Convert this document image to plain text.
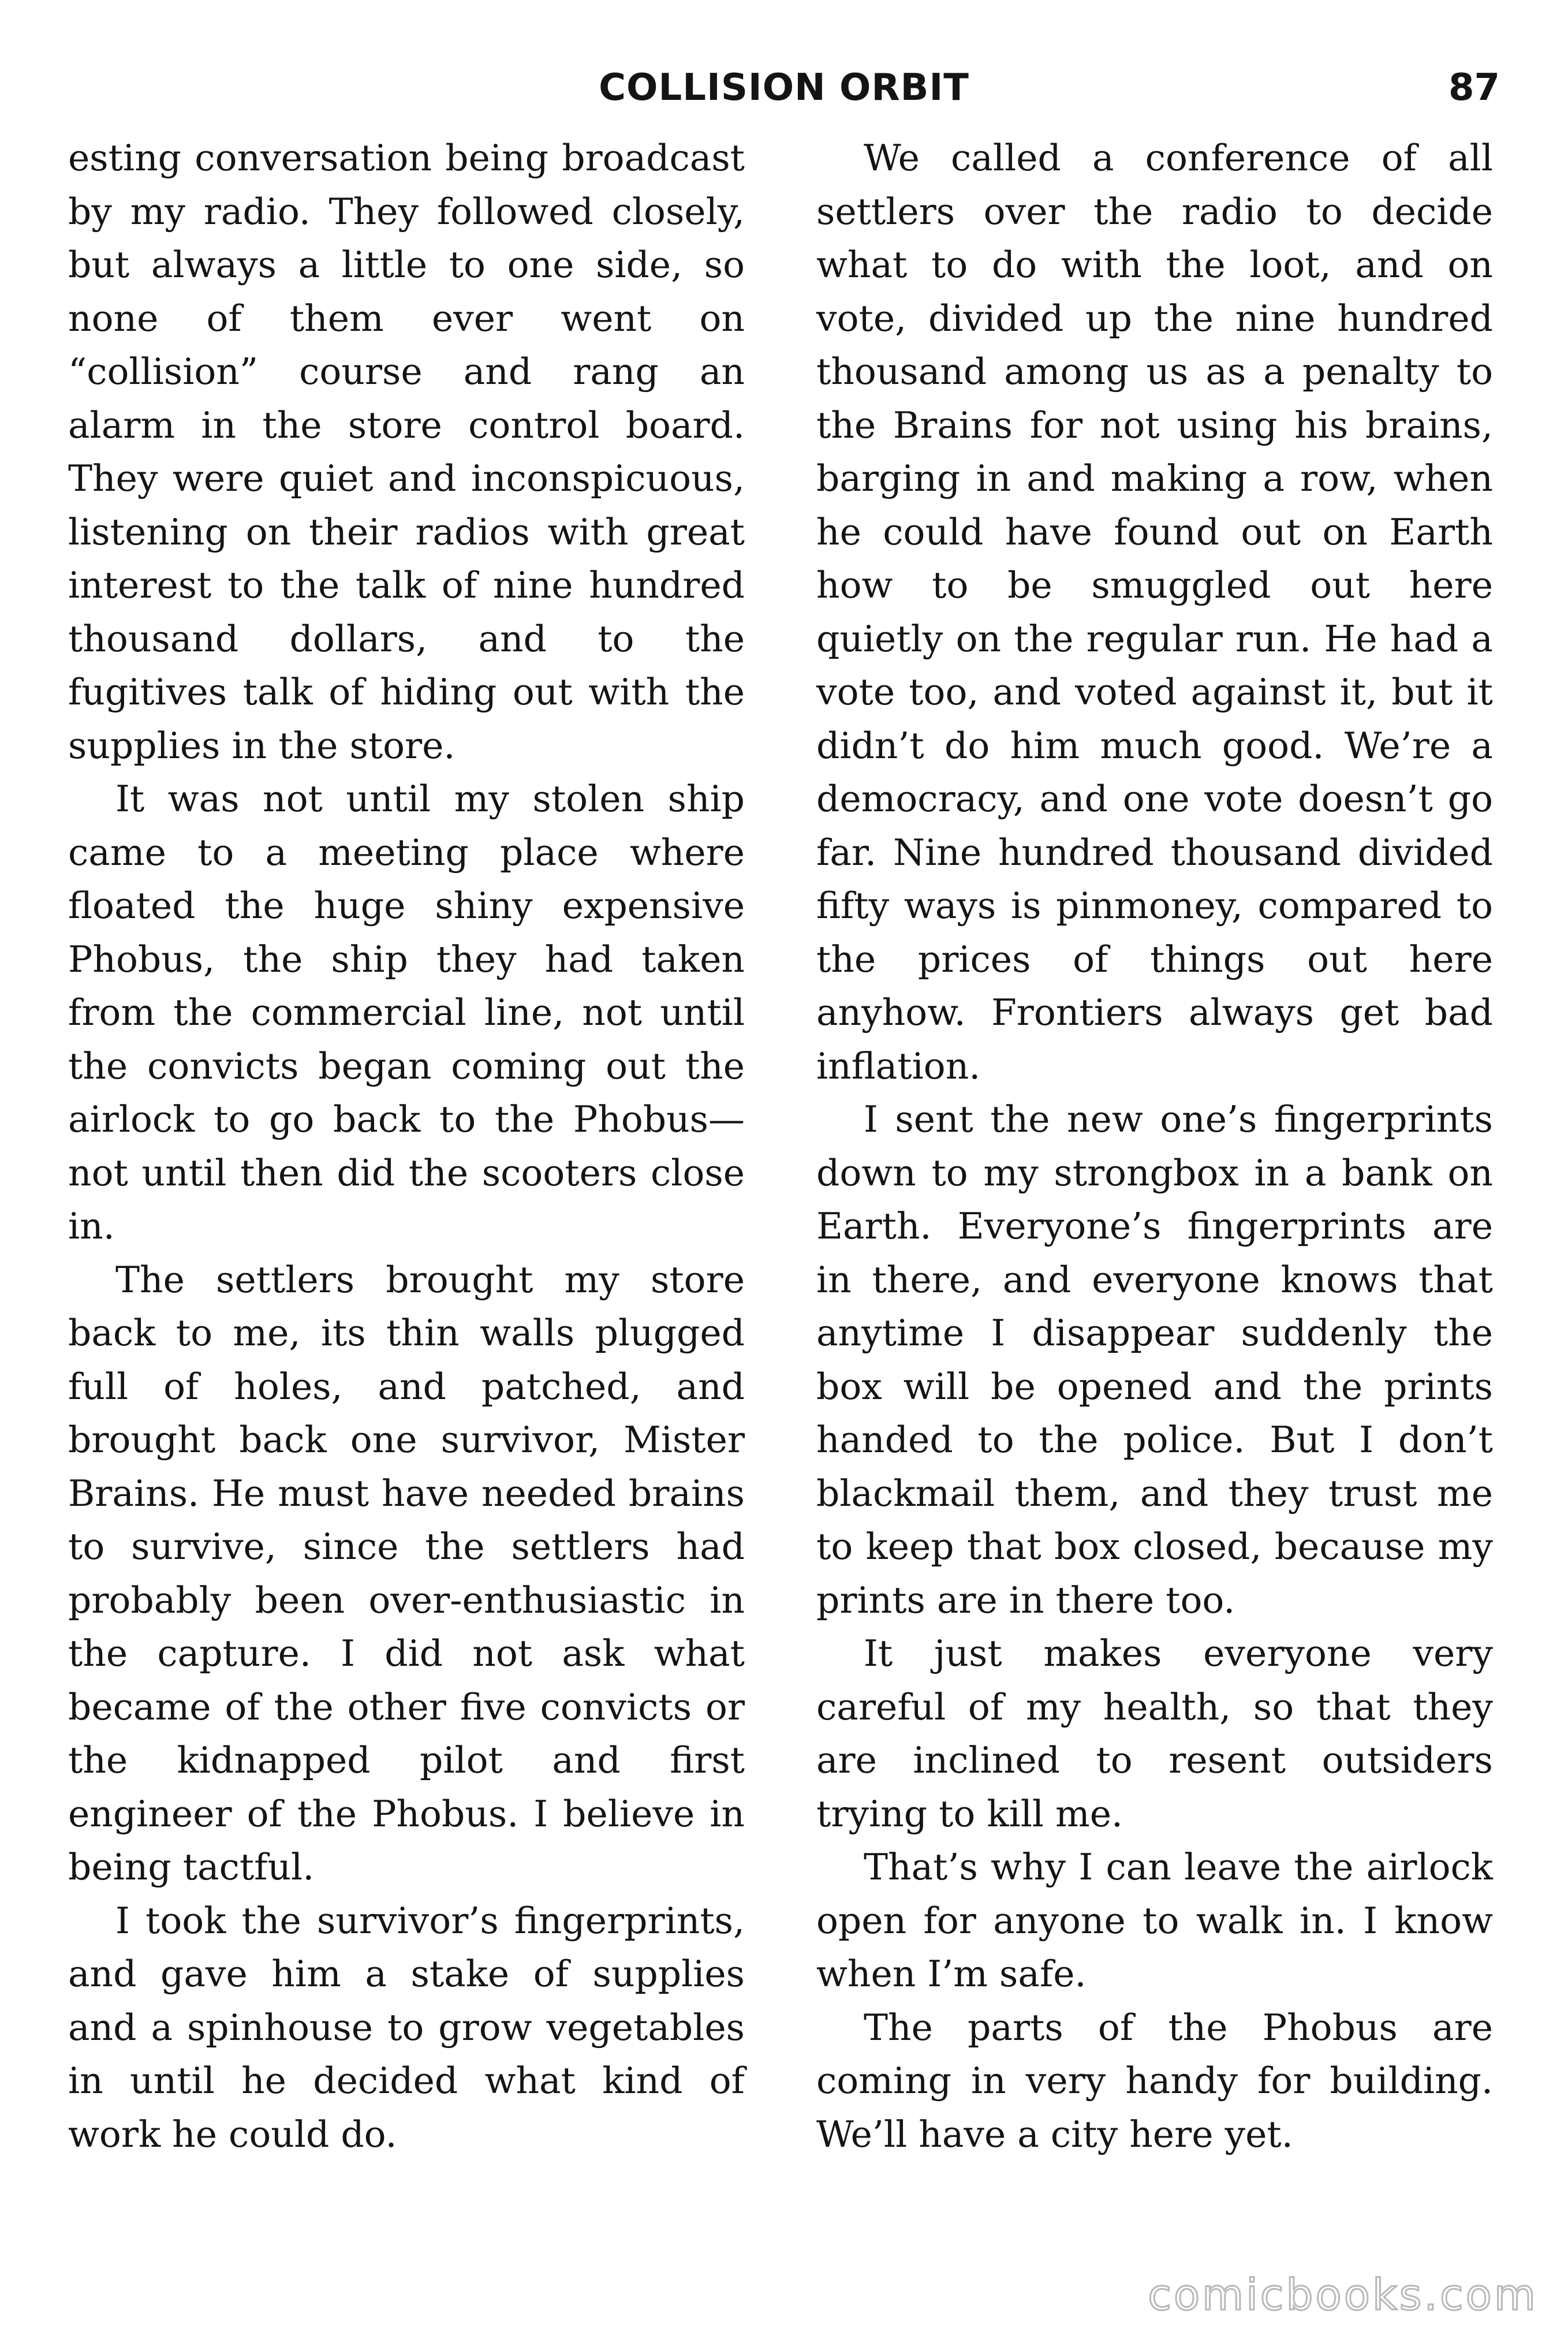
COLLISION ORBIT	87

esting conversation being broadcast by my radio. They followed closely, but always a little to one side, so none of them ever went on “collision” course and rang an alarm in the store control board. They were quiet and inconspicuous, listening on their radios with great interest to the talk of nine hundred thousand dollars, and to the fugitives talk of hiding out with the supplies in the store.

It was not until my stolen ship came to a meeting place where floated the huge shiny expensive Phobus, the ship they had taken from the commercial line, not until the convicts began coming out the airlock to go back to the Phobus—not until then did the scooters close in.

The settlers brought my store back to me, its thin walls plugged full of holes, and patched, and brought back one survivor, Mister Brains. He must have needed brains to survive, since the settlers had probably been over-enthusiastic in the capture. I did not ask what became of the other five convicts or the kidnapped pilot and first engineer of the Phobus. I believe in being tactful.

I took the survivor’s fingerprints, and gave him a stake of supplies and a spinhouse to grow vegetables in until he decided what kind of work he could do.

We called a conference of all settlers over the radio to decide what to do with the loot, and on vote, divided up the nine hundred thousand among us as a penalty to the Brains for not using his brains, barging in and making a row, when he could have found out on Earth how to be smuggled out here quietly on the regular run. He had a vote too, and voted against it, but it didn’t do him much good. We’re a democracy, and one vote doesn’t go far. Nine hundred thousand divided fifty ways is pinmoney, compared to the prices of things out here anyhow. Frontiers always get bad inflation.

I sent the new one’s fingerprints down to my strongbox in a bank on Earth. Everyone’s fingerprints are in there, and everyone knows that anytime I disappear suddenly the box will be opened and the prints handed to the police. But I don’t blackmail them, and they trust me to keep that box closed, because my prints are in there too.

It just makes everyone very careful of my health, so that they are inclined to resent outsiders trying to kill me.

That’s why I can leave the airlock open for anyone to walk in. I know when I’m safe.

The parts of the Phobus are coming in very handy for building. We’ll have a city here yet.

comicbooks.com
